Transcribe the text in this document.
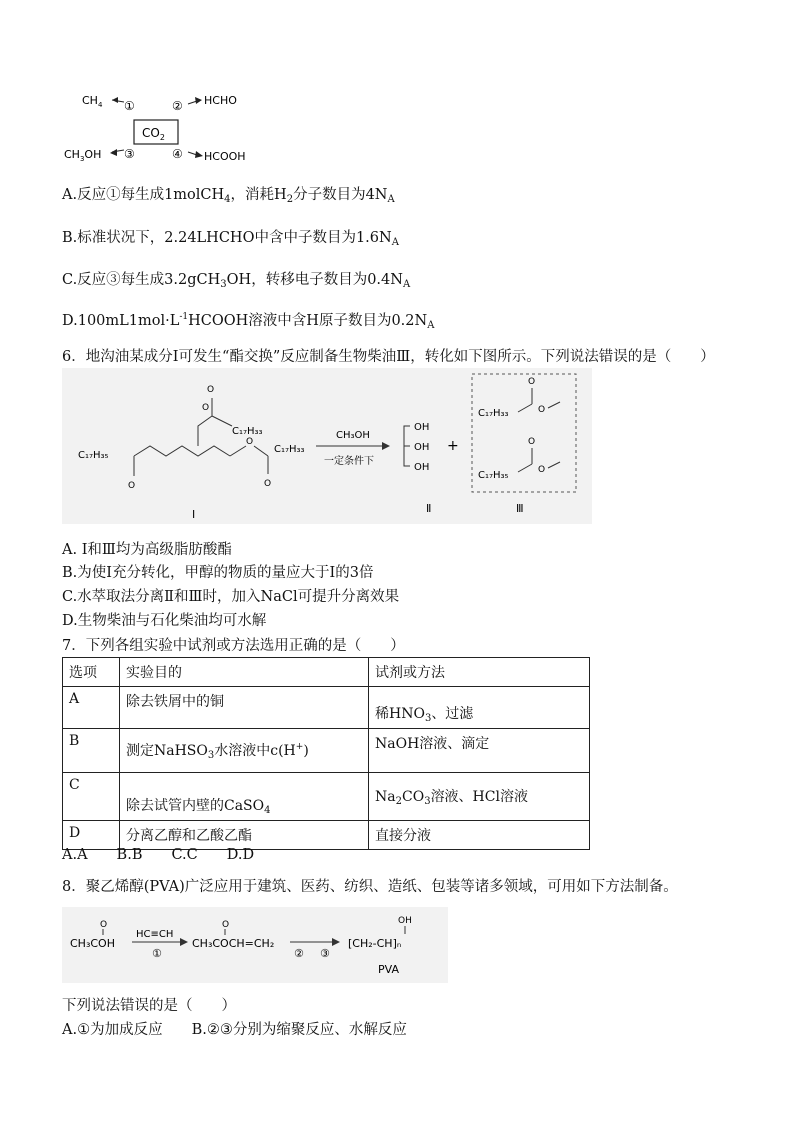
$CO_2$
$CH_4$ ①	② HCHO
$CH_3OH$ ③	④ HCOOH
A.反应①每生成1molCH$_4$，消耗$H_2$分子数目为$4N_A$
B.标准状况下，2.24LHCHO中含中子数目为$1.6N_A$
C.反应③每生成3.2gCH$_3$OH，转移电子数目为$0.4N_A$
$D.100mL1mol\cdot L^{-1}HCOOH$溶液中含H原子数目为$0.2N_A$
6．地沟油某成分Ⅰ可发生“酯交换”反应制备生物柴油Ⅲ，转化如下图所示。下列说法错误的是（　　）
O
O
O
C₁₇H₃₃
O
O
C₁₇H₃₃
C₁₇H₃₅
Ⅰ
CH₃OH
一定条件下
OH
OH
OH
+
Ⅱ
C₁₇H₃₃
O
O
C₁₇H₃₅
O
O
Ⅲ
A. Ⅰ和Ⅲ均为高级脂肪酸酯
B.为使Ⅰ充分转化，甲醇的物质的量应大于Ⅰ的3倍
C.水萃取法分离Ⅱ和Ⅲ时，加入NaCl可提升分离效果
D.生物柴油与石化柴油均可水解
7．下列各组实验中试剂或方法选用正确的是（　　）
选项	实验目的	试剂或方法
A	除去铁屑中的铜	稀$HNO_3$、过滤
B	测定NaHSO$_3$水溶液中c(H+)	NaOH溶液、滴定
C	除去试管内壁的CaSO$_4$	$Na_2CO_3$溶液、HCl溶液
D	分离乙醇和乙酸乙酯	直接分液
A.A　　B.B　　C.C　　D.D
8．聚乙烯醇(PVA)广泛应用于建筑、医药、纺织、造纸、包装等诸多领域，可用如下方法制备。
O
CH₃COH
HC≡CH
①
O
CH₃COCH=CH₂
② ③
OH
[CH₂-CH]ₙ
PVA
下列说法错误的是（　　）
A.①为加成反应　　B.②③分别为缩聚反应、水解反应
